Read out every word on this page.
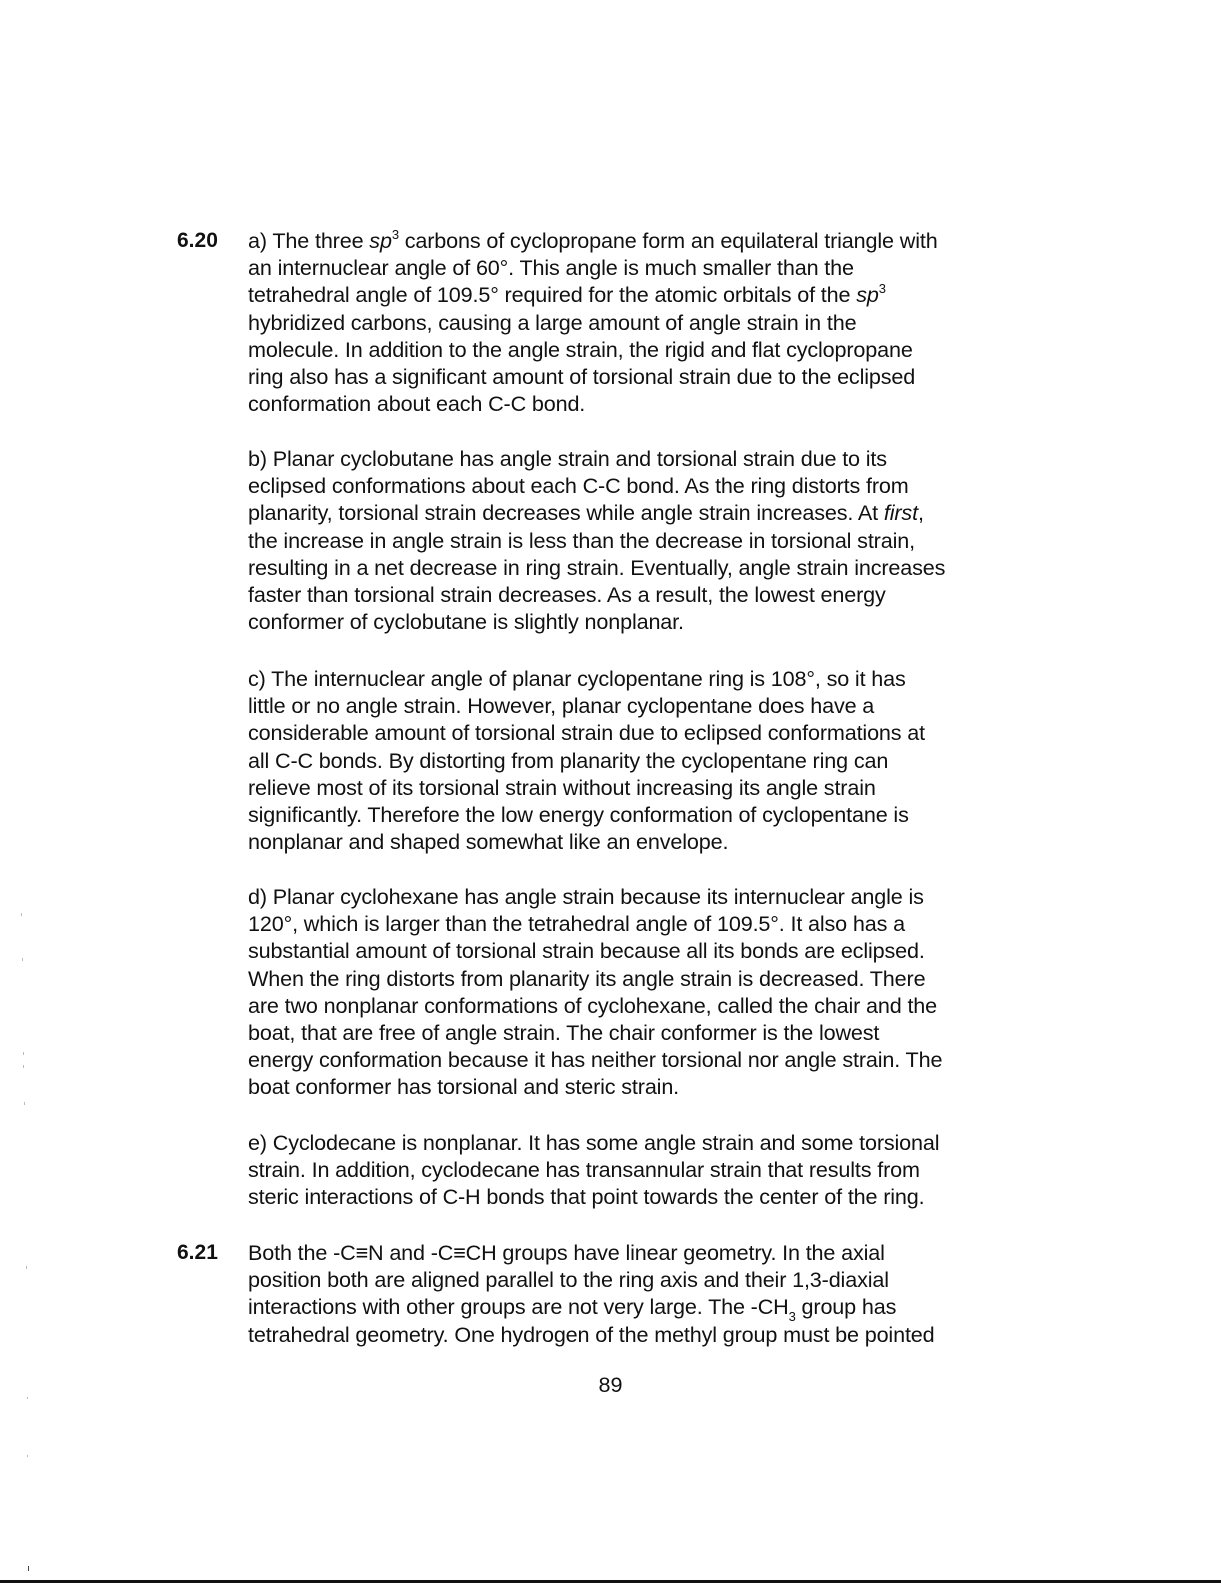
6.20 a) The three $sp^3$ carbons of cyclopropane form an equilateral triangle with
an internuclear angle of 60°. This angle is much smaller than the
tetrahedral angle of 109.5° required for the atomic orbitals of the $sp^3$
hybridized carbons, causing a large amount of angle strain in the
molecule. In addition to the angle strain, the rigid and flat cyclopropane
ring also has a significant amount of torsional strain due to the eclipsed
conformation about each C-C bond.
b) Planar cyclobutane has angle strain and torsional strain due to its
eclipsed conformations about each C-C bond. As the ring distorts from
planarity, torsional strain decreases while angle strain increases. At first,
the increase in angle strain is less than the decrease in torsional strain,
resulting in a net decrease in ring strain. Eventually, angle strain increases
faster than torsional strain decreases. As a result, the lowest energy
conformer of cyclobutane is slightly nonplanar.
c) The internuclear angle of planar cyclopentane ring is 108°, so it has
little or no angle strain. However, planar cyclopentane does have a
considerable amount of torsional strain due to eclipsed conformations at
all C-C bonds. By distorting from planarity the cyclopentane ring can
relieve most of its torsional strain without increasing its angle strain
significantly. Therefore the low energy conformation of cyclopentane is
nonplanar and shaped somewhat like an envelope.
d) Planar cyclohexane has angle strain because its internuclear angle is
120°, which is larger than the tetrahedral angle of 109.5°. It also has a
substantial amount of torsional strain because all its bonds are eclipsed.
When the ring distorts from planarity its angle strain is decreased. There
are two nonplanar conformations of cyclohexane, called the chair and the
boat, that are free of angle strain. The chair conformer is the lowest
energy conformation because it has neither torsional nor angle strain. The
boat conformer has torsional and steric strain.
e) Cyclodecane is nonplanar. It has some angle strain and some torsional
strain. In addition, cyclodecane has transannular strain that results from
steric interactions of C-H bonds that point towards the center of the ring.
6.21 Both the -C≡N and -C≡CH groups have linear geometry. In the axial
position both are aligned parallel to the ring axis and their 1,3-diaxial
interactions with other groups are not very large. The $-CH_3$ group has
tetrahedral geometry. One hydrogen of the methyl group must be pointed
89
